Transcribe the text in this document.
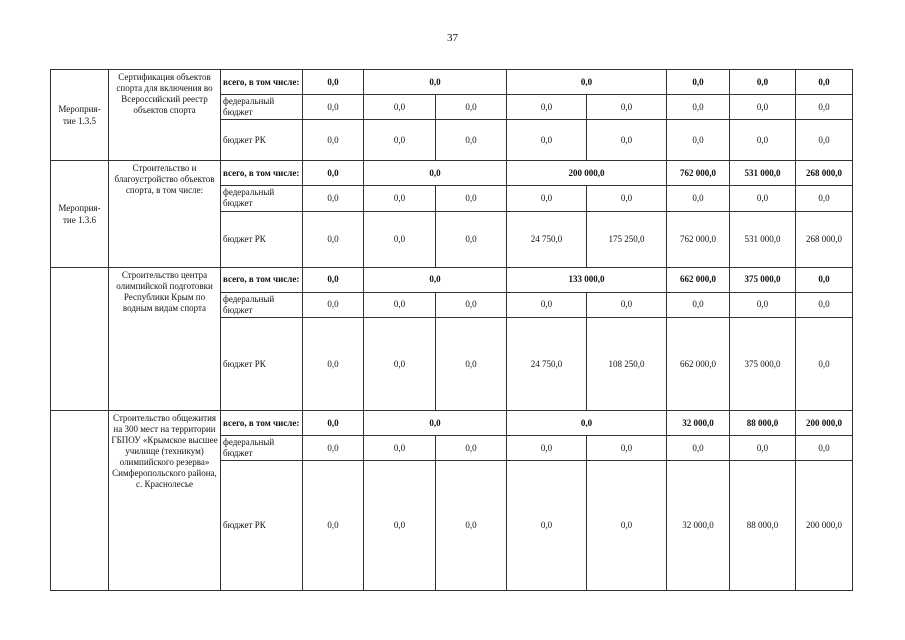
37
Мероприя-тие 1.3.5	Сертификация объектов спорта для включения во Всероссийский реестр объектов спорта	всего, в том числе:	0,0	0,0		0,0		0,0	0,0	0,0
		федеральный бюджет	0,0	0,0	0,0	0,0	0,0	0,0	0,0	0,0
		бюджет РК	0,0	0,0	0,0	0,0	0,0	0,0	0,0	0,0
Мероприя-тие 1.3.6	Строительство и благоустройство объектов спорта, в том числе:	всего, в том числе:	0,0	0,0		200 000,0		762 000,0	531 000,0	268 000,0
		федеральный бюджет	0,0	0,0	0,0	0,0	0,0	0,0	0,0	0,0
		бюджет РК	0,0	0,0	0,0	24 750,0	175 250,0	762 000,0	531 000,0	268 000,0
	Строительство центра олимпийской подготовки Республики Крым по водным видам спорта	всего, в том числе:	0,0	0,0		133 000,0		662 000,0	375 000,0	0,0
		федеральный бюджет	0,0	0,0	0,0	0,0	0,0	0,0	0,0	0,0
		бюджет РК	0,0	0,0	0,0	24 750,0	108 250,0	662 000,0	375 000,0	0,0
	Строительство общежития на 300 мест на территории ГБПОУ «Крымское высшее училище (техникум) олимпийского резерва» Симферопольского района, с. Краснолесье	всего, в том числе:	0,0	0,0		0,0		32 000,0	88 000,0	200 000,0
		федеральный бюджет	0,0	0,0	0,0	0,0	0,0	0,0	0,0	0,0
		бюджет РК	0,0	0,0	0,0	0,0	0,0	32 000,0	88 000,0	200 000,0
